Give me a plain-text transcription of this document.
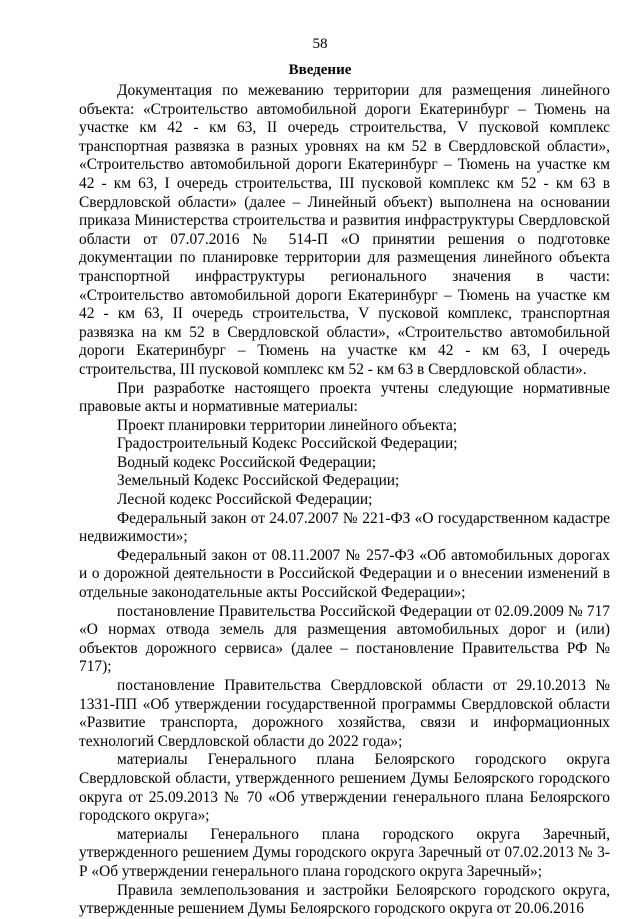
58
Введение

Документация по межеванию территории для размещения линейного объекта: «Строительство автомобильной дороги Екатеринбург – Тюмень на участке км 42 - км 63, II очередь строительства, V пусковой комплекс транспортная развязка в разных уровнях на км 52 в Свердловской области», «Строительство автомобильной дороги Екатеринбург – Тюмень на участке км 42 - км 63, I очередь строительства, III пусковой комплекс км 52 - км 63 в Свердловской области» (далее – Линейный объект) выполнена на основании приказа Министерства строительства и развития инфраструктуры Свердловской области от 07.07.2016 № 514-П «О принятии решения о подготовке документации по планировке территории для размещения линейного объекта транспортной инфраструктуры регионального значения в части: «Строительство автомобильной дороги Екатеринбург – Тюмень на участке км 42 - км 63, II очередь строительства, V пусковой комплекс, транспортная развязка на км 52 в Свердловской области», «Строительство автомобильной дороги Екатеринбург – Тюмень на участке км 42 - км 63, I очередь строительства, III пусковой комплекс км 52 - км 63 в Свердловской области».

При разработке настоящего проекта учтены следующие нормативные правовые акты и нормативные материалы:

Проект планировки территории линейного объекта;

Градостроительный Кодекс Российской Федерации;

Водный кодекс Российской Федерации;

Земельный Кодекс Российской Федерации;

Лесной кодекс Российской Федерации;

Федеральный закон от 24.07.2007 № 221-ФЗ «О государственном кадастре недвижимости»;

Федеральный закон от 08.11.2007 № 257-ФЗ «Об автомобильных дорогах и о дорожной деятельности в Российской Федерации и о внесении изменений в отдельные законодательные акты Российской Федерации»;

постановление Правительства Российской Федерации от 02.09.2009 № 717 «О нормах отвода земель для размещения автомобильных дорог и (или) объектов дорожного сервиса» (далее – постановление Правительства РФ № 717);

постановление Правительства Свердловской области от 29.10.2013 № 1331-ПП «Об утверждении государственной программы Свердловской области «Развитие транспорта, дорожного хозяйства, связи и информационных технологий Свердловской области до 2022 года»;

материалы Генерального плана Белоярского городского округа Свердловской области, утвержденного решением Думы Белоярского городского округа от 25.09.2013 № 70 «Об утверждении генерального плана Белоярского городского округа»;

материалы Генерального плана городского округа Заречный, утвержденного решением Думы городского округа Заречный от 07.02.2013 № 3-Р «Об утверждении генерального плана городского округа Заречный»;

Правила землепользования и застройки Белоярского городского округа, утвержденные решением Думы Белоярского городского округа от 20.06.2016
